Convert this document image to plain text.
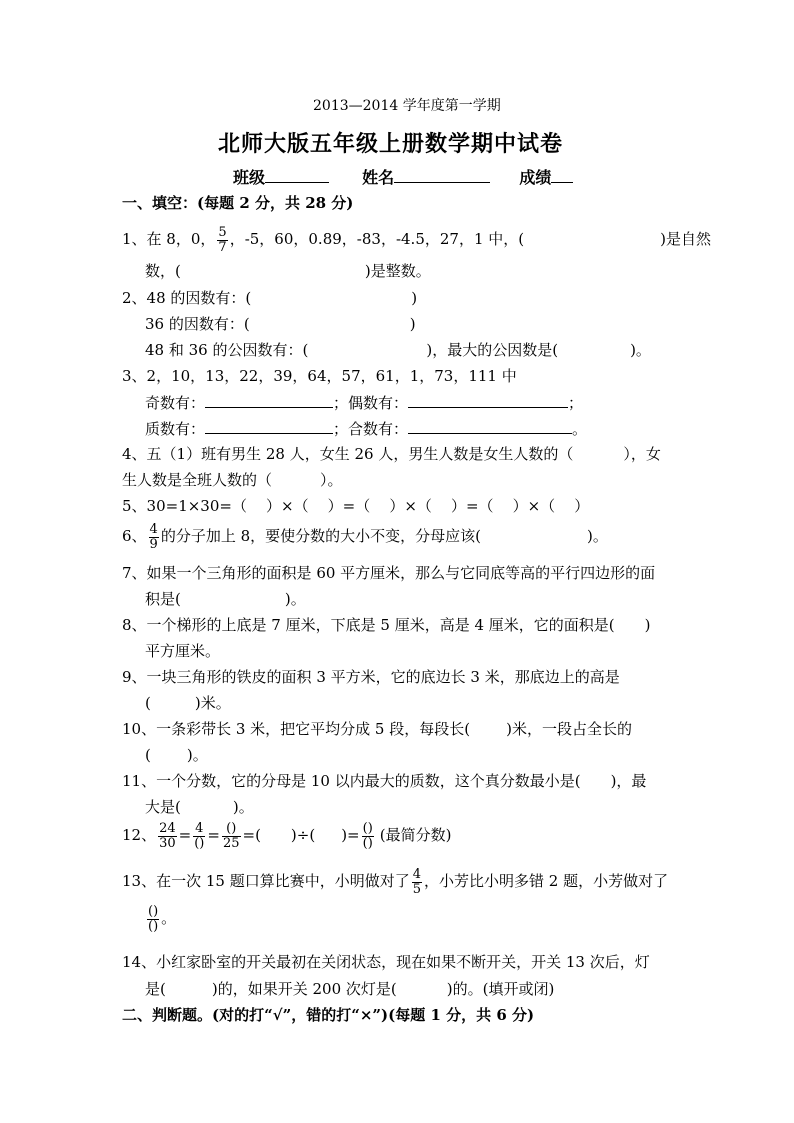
2013—2014 学年度第一学期
北师大版五年级上册数学期中试卷
班级	姓名	成绩
一、填空：(每题 2 分，共 28 分)
1、在 8，0， $\frac{5}{7}$ ，-5，60，0.89，-83，-4.5，27，1 中，(	)是自然
数，(	)是整数。
2、48 的因数有：(	)
36 的因数有：(	)
48 和 36 的公因数有：(	)，最大的公因数是(	)。
3、2，10，13，22，39，64，57，61，1，73，111 中
奇数有：	；偶数有：	；
质数有：	；合数有：	。
4、五（1）班有男生 28 人，女生 26 人，男生人数是女生人数的（	），女
生人数是全班人数的（	）。
5、30=1×30=（    ）×（    ）=（    ）×（    ）=（    ）×（    ）
6、 $\frac{4}{9}$ 的分子加上 8，要使分数的大小不变，分母应该(	)。
7、如果一个三角形的面积是 60 平方厘米，那么与它同底等高的平行四边形的面
积是(	)。
8、一个梯形的上底是 7 厘米，下底是 5 厘米，高是 4 厘米，它的面积是( )
平方厘米。
9、一块三角形的铁皮的面积 3 平方米，它的底边长 3 米，那底边上的高是
(	)米。
10、一条彩带长 3 米，把它平均分成 5 段，每段长( )米，一段占全长的
( )。
11、一个分数，它的分母是 10 以内最大的质数，这个真分数最小是( )，最
大是(	)。
12、 $\frac{24}{30} = \frac{4}{()} = \frac{()}{25}$ =( )÷( )= $\frac{()}{()}$ (最简分数)
13、在一次 15 题口算比赛中，小明做对了 $\frac{4}{5}$ ，小芳比小明多错 2 题，小芳做对了
$\frac{()}{()}$ 。
14、小红家卧室的开关最初在关闭状态，现在如果不断开关，开关 13 次后，灯
是(	)的，如果开关 200 次灯是(	)的。(填开或闭)
二、判断题。(对的打“√”，错的打“×”)(每题 1 分，共 6 分)
